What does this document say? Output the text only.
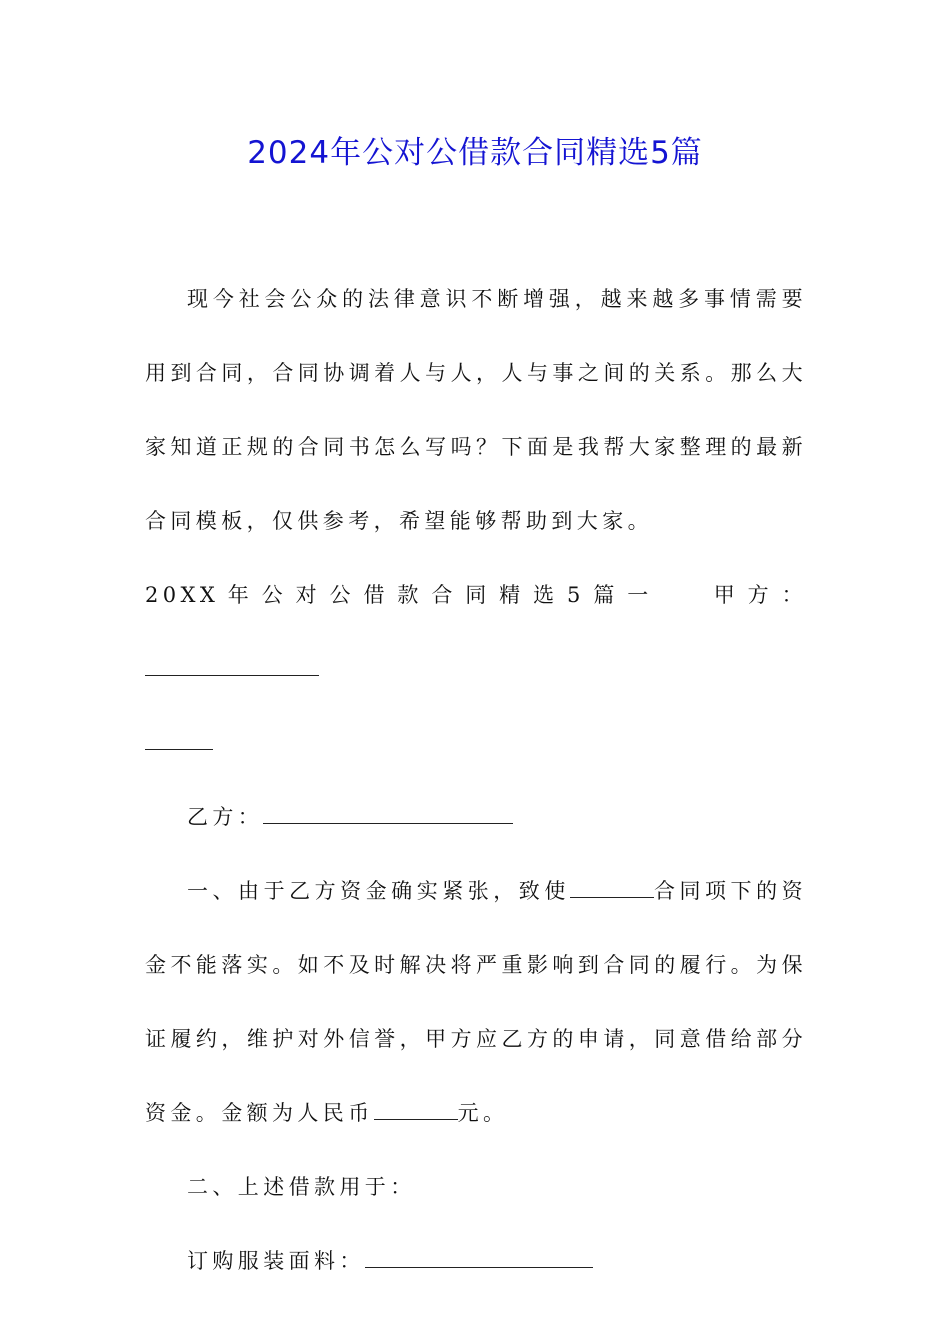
2024年公对公借款合同精选5篇

现今社会公众的法律意识不断增强，越来越多事情需要用到合同，合同协调着人与人，人与事之间的关系。那么大家知道正规的合同书怎么写吗？下面是我帮大家整理的最新合同模板，仅供参考，希望能够帮助到大家。

20XX年公对公借款合同精选5篇一 甲方：

乙方：

一、由于乙方资金确实紧张，致使	合同项下的资金不能落实。如不及时解决将严重影响到合同的履行。为保证履约，维护对外信誉，甲方应乙方的申请，同意借给部分资金。金额为人民币	元。

二、上述借款用于：

订购服装面料：
